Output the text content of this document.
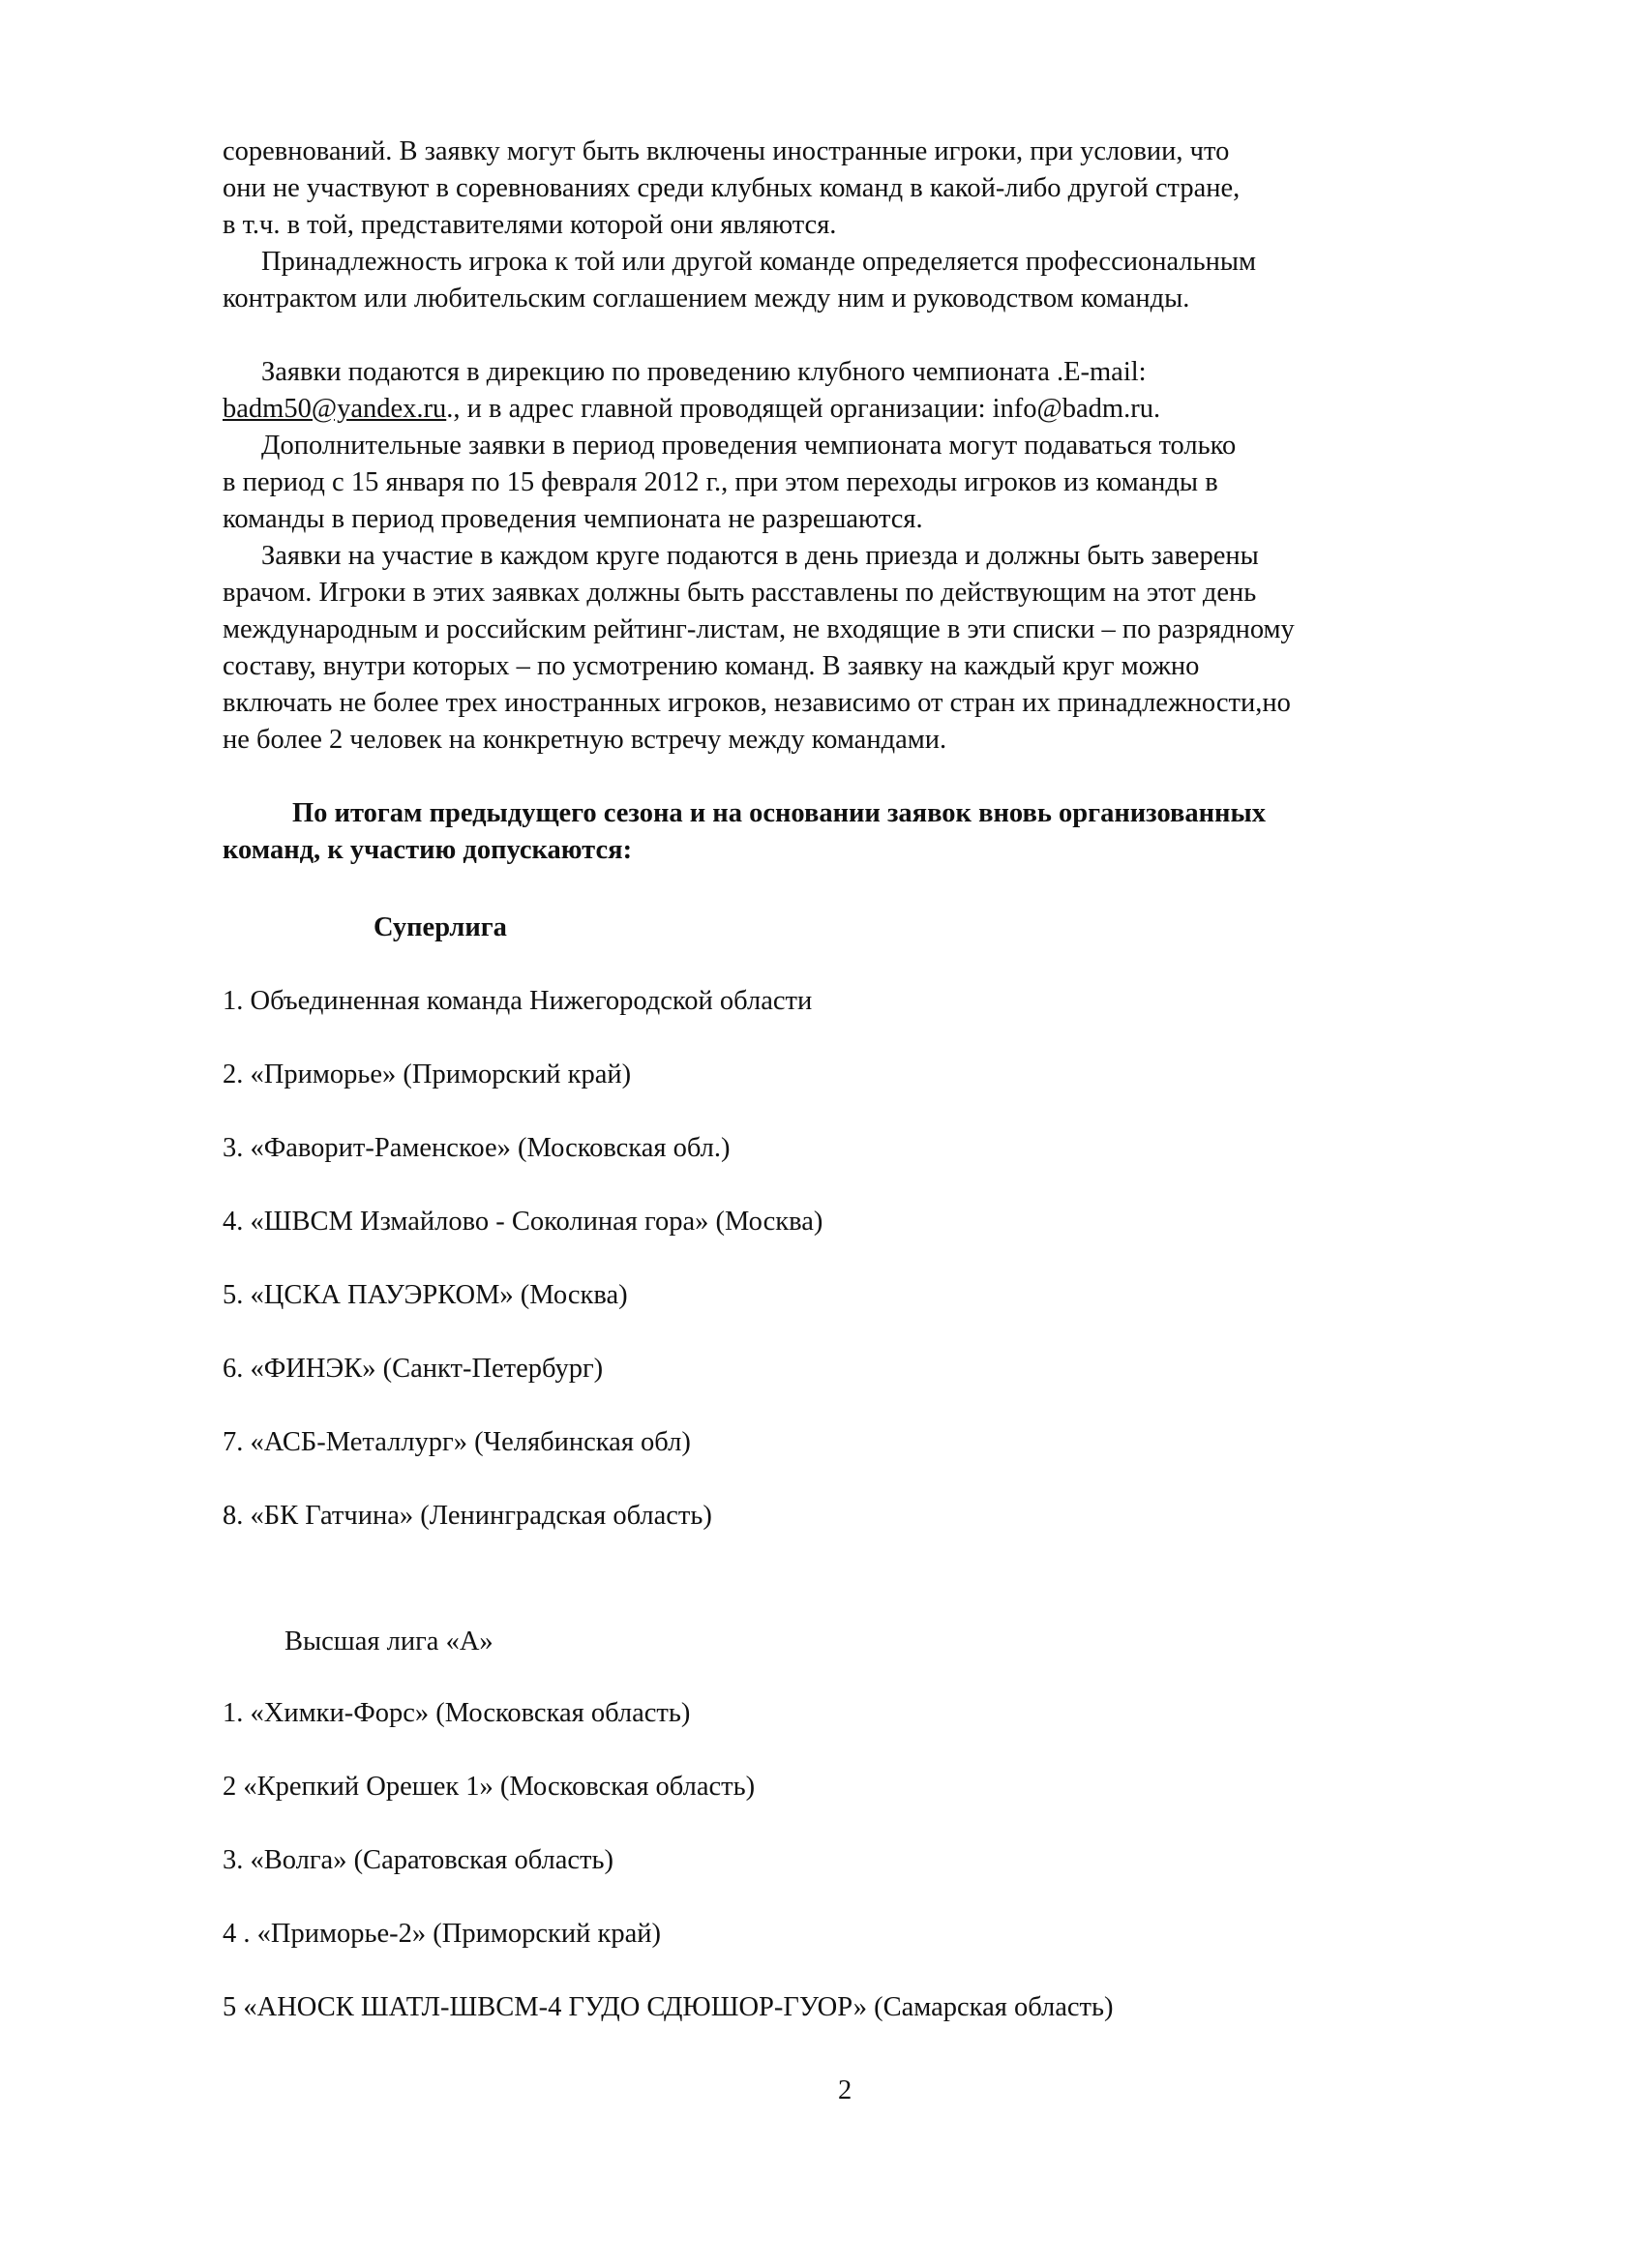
соревнований. В заявку могут быть включены иностранные игроки, при условии, что
они не участвуют в соревнованиях среди клубных команд в какой-либо другой стране,
в т.ч. в той, представителями которой они являются.
Принадлежность игрока к той или другой команде определяется профессиональным
контрактом или любительским соглашением между ним и руководством команды.
Заявки подаются в дирекцию по проведению клубного чемпионата .E-mail:
badm50@yandex.ru., и в адрес главной проводящей организации: info@badm.ru.
Дополнительные заявки в период проведения чемпионата могут подаваться только
в период с 15 января по 15 февраля 2012 г., при этом переходы игроков из команды в
команды в период проведения чемпионата не разрешаются.
Заявки на участие в каждом круге подаются в день приезда и должны быть заверены
врачом. Игроки в этих заявках должны быть расставлены по действующим на этот день
международным и российским рейтинг-листам, не входящие в эти списки – по разрядному
составу, внутри которых – по усмотрению команд. В заявку на каждый круг можно
включать не более трех иностранных игроков, независимо от стран их принадлежности,но
не более 2 человек на конкретную встречу между командами.
По итогам предыдущего сезона и на основании заявок вновь организованных
команд, к участию допускаются:
Суперлига
1. Объединенная команда Нижегородской области
2. «Приморье» (Приморский край)
3. «Фаворит-Раменское» (Московская обл.)
4. «ШВСМ Измайлово - Соколиная гора» (Москва)
5. «ЦСКА ПАУЭРКОМ» (Москва)
6. «ФИНЭК» (Санкт-Петербург)
7. «АСБ-Металлург» (Челябинская обл)
8. «БК Гатчина» (Ленинградская область)
Высшая лига «А»
1. «Химки-Форс» (Московская область)
2 «Крепкий Орешек 1» (Московская область)
3. «Волга» (Саратовская область)
4 . «Приморье-2» (Приморский край)
5 «АНОСК ШАТЛ-ШВСМ-4 ГУДО СДЮШОР-ГУОР» (Самарская область)
2
